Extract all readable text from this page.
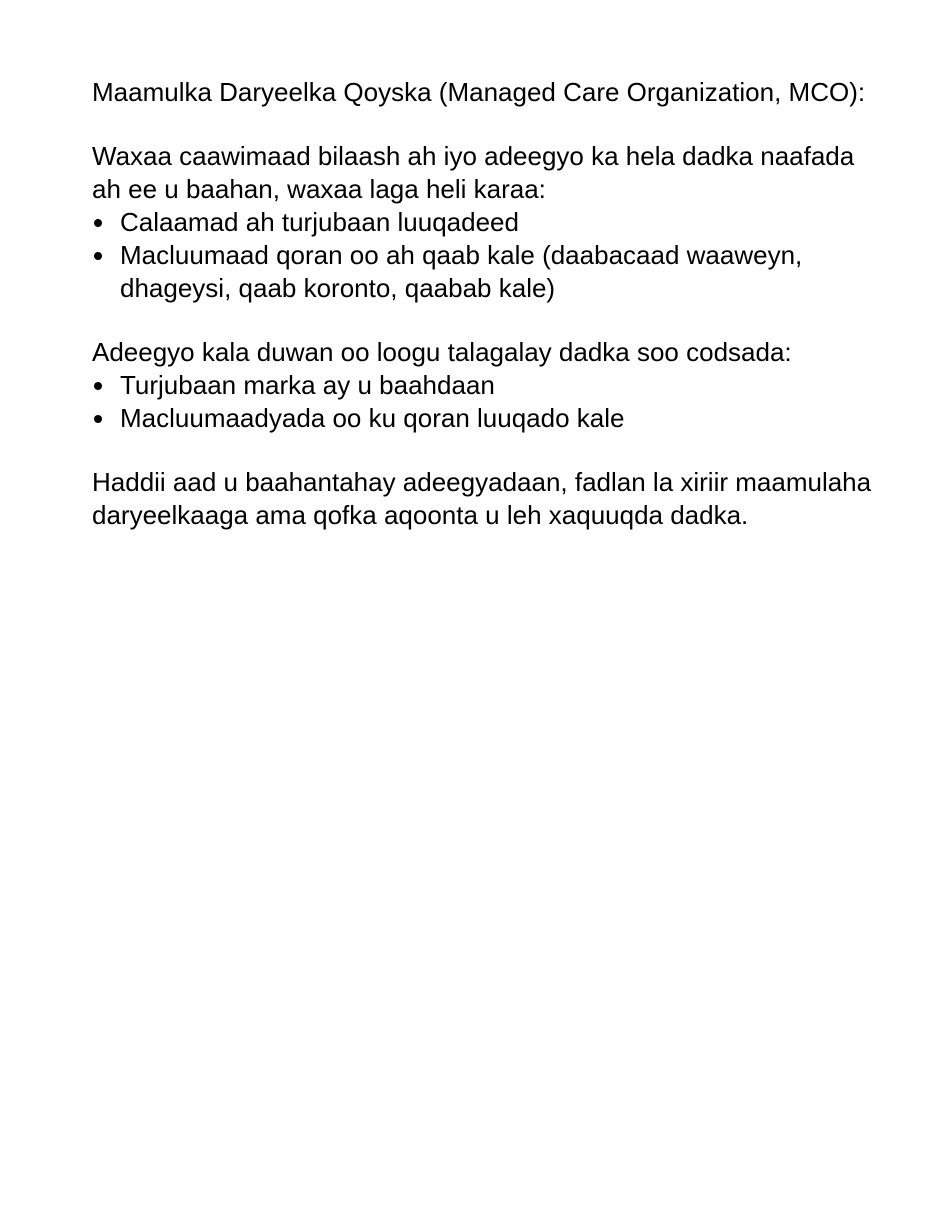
Maamulka Daryeelka Qoyska (Managed Care Organization, MCO):

Waxaa caawimaad bilaash ah iyo adeegyo ka hela dadka naafada ah ee u baahan, waxaa laga heli karaa:

Calaamad ah turjubaan luuqadeed
Macluumaad qoran oo ah qaab kale (daabacaad waaweyn, dhageysi, qaab koronto, qaabab kale)

Adeegyo kala duwan oo loogu talagalay dadka soo codsada:

Turjubaan marka ay u baahdaan
Macluumaadyada oo ku qoran luuqado kale

Haddii aad u baahantahay adeegyadaan, fadlan la xiriir maamulaha daryeelkaaga ama qofka aqoonta u leh xaquuqda dadka.
